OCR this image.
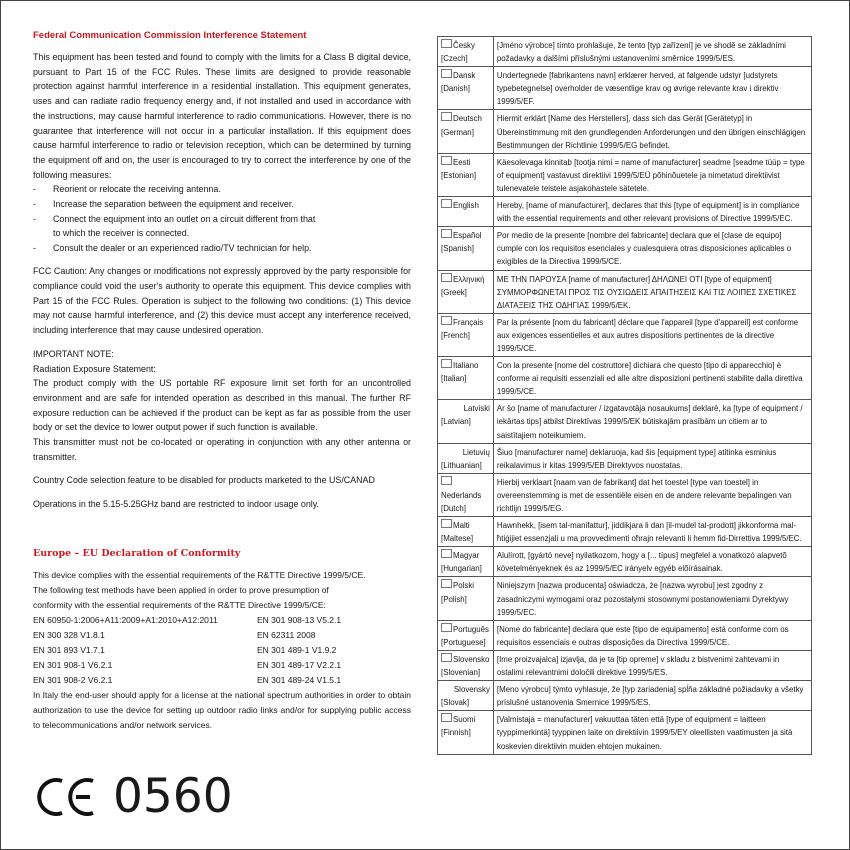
Federal Communication Commission Interference Statement

This equipment has been tested and found to comply with the limits for a Class B digital device, pursuant to Part 15 of the FCC Rules. These limits are designed to provide reasonable protection against harmful interference in a residential installation. This equipment generates, uses and can radiate radio frequency energy and, if not installed and used in accordance with the instructions, may cause harmful interference to radio communications. However, there is no guarantee that interference will not occur in a particular installation. If this equipment does cause harmful interference to radio or television reception, which can be determined by turning the equipment off and on, the user is encouraged to try to correct the interference by one of the following measures:

- Reorient or relocate the receiving antenna.
- Increase the separation between the equipment and receiver.
- Connect the equipment into an outlet on a circuit different from that
to which the receiver is connected.
- Consult the dealer or an experienced radio/TV technician for help.

FCC Caution: Any changes or modifications not expressly approved by the party responsible for compliance could void the user's authority to operate this equipment. This device complies with Part 15 of the FCC Rules. Operation is subject to the following two conditions: (1) This device may not cause harmful interference, and (2) this device must accept any interference received, including interference that may cause undesired operation.

IMPORTANT NOTE:

Radiation Exposure Statement:

The product comply with the US portable RF exposure limit set forth for an uncontrolled environment and are safe for intended operation as described in this manual. The further RF exposure reduction can be achieved if the product can be kept as far as possible from the user body or set the device to lower output power if such function is available.

This transmitter must not be co-located or operating in conjunction with any other antenna or transmitter.

Country Code selection feature to be disabled for products marketed to the US/CANAD

Operations in the 5.15-5.25GHz band are restricted to indoor usage only.

Europe – EU Declaration of Conformity

This device complies with the essential requirements of the R&TTE Directive 1999/5/CE.

The following test methods have been applied in order to prove presumption of

conformity with the essential requirements of the R&TTE Directive 1999/5/CE:

EN 60950-1:2006+A11:2009+A1:2010+A12:2011	EN 301 908-13 V5.2.1
EN 300 328 V1.8.1	EN 62311 2008
EN 301 893 V1.7.1	EN 301 489-1 V1.9.2
EN 301 908-1 V6.2.1	EN 301 489-17 V2.2.1
EN 301 908-2 V6.2.1	EN 301 489-24 V1.5.1

In Italy the end-user should apply for a license at the national spectrum authorities in order to obtain authorization to use the device for setting up outdoor radio links and/or for supplying public access to telecommunications and/or network services.

0560
Česky
[Czech]	[Jméno výrobce] tímto prohlašuje, že tento [typ zařízení] je ve shodě se základními požadavky a dalšími příslušnými ustanoveními směrnice 1999/5/ES.
Dansk
[Danish]	Undertegnede [fabrikantens navn] erklærer herved, at følgende udstyr [udstyrets typebetegnelse] overholder de væsentlige krav og øvrige relevante krav i direktiv 1999/5/EF.
Deutsch
[German]	Hiermit erklärt [Name des Herstellers], dass sich das Gerät [Gerätetyp] in Übereinstimmung mit den grundlegenden Anforderungen und den übrigen einschlägigen Bestimmungen der Richtlinie 1999/5/EG befindet.
Eesti
[Estonian]	Käesolevaga kinnitab [tootja nimi = name of manufacturer] seadme [seadme tüüp = type of equipment] vastavust direktiivi 1999/5/EÜ põhinõuetele ja nimetatud direktiivist tulenevatele teistele asjakohastele sätetele.
English	Hereby, [name of manufacturer], declares that this [type of equipment] is in compliance with the essential requirements and other relevant provisions of Directive 1999/5/EC.
Español
[Spanish]	Por medio de la presente [nombre del fabricante] declara que el [clase de equipo] cumple con los requisitos esenciales y cualesquiera otras disposiciones aplicables o exigibles de la Directiva 1999/5/CE.
Ελληνική
[Greek]	ΜΕ ΤΗΝ ΠΑΡΟΥΣΑ [name of manufacturer] ΔΗΛΩΝΕΙ ΟΤΙ [type of equipment] ΣΥΜΜΟΡΦΩΝΕΤΑΙ ΠΡΟΣ ΤΙΣ ΟΥΣΙΩΔΕΙΣ ΑΠΑΙΤΗΣΕΙΣ ΚΑΙ ΤΙΣ ΛΟΙΠΕΣ ΣΧΕΤΙΚΕΣ ΔΙΑΤΑΞΕΙΣ ΤΗΣ ΟΔΗΓΙΑΣ 1999/5/ΕΚ.
Français
[French]	Par la présente [nom du fabricant] déclare que l'appareil [type d'appareil] est conforme aux exigences essentielles et aux autres dispositions pertinentes de la directive 1999/5/CE.
Italiano
[Italian]	Con la presente [nome del costruttore] dichiara che questo [tipo di apparecchio] è conforme ai requisiti essenziali ed alle altre disposizioni pertinenti stabilite dalla direttiva 1999/5/CE.

Latviski
[Latvian]	Ar šo [name of manufacturer / izgatavotāja nosaukums] deklarē, ka [type of equipment / iekārtas tips] atbilst Direktīvas 1999/5/EK būtiskajām prasībām un citiem ar to saistītajiem noteikumiem.

Lietuvių
[Lithuanian]	Šiuo [manufacturer name] deklaruoja, kad šis [equipment type] atitinka esminius reikalavimus ir kitas 1999/5/EB Direktyvos nuostatas.

Nederlands
[Dutch]	Hierbij verklaart [naam van de fabrikant] dat het toestel [type van toestel] in overeenstemming is met de essentiële eisen en de andere relevante bepalingen van richtlijn 1999/5/EG.
Malti
[Maltese]	Hawnhekk, [isem tal-manifattur], jiddikjara li dan [il-mudel tal-prodott] jikkonforma mal-ħtiġijiet essenzjali u ma provvedimenti oħrajn relevanti li hemm fid-Dirrettiva 1999/5/EC.
Magyar
[Hungarian]	Alulírott, [gyártó neve] nyilatkozom, hogy a [... típus] megfelel a vonatkozó alapvetõ követelményeknek és az 1999/5/EC irányelv egyéb elõírásainak.
Polski
[Polish]	Niniejszym [nazwa producenta] oświadcza, że [nazwa wyrobu] jest zgodny z zasadniczymi wymogami oraz pozostałymi stosownymi postanowieniami Dyrektywy 1999/5/EC.
Português
[Portuguese]	[Nome do fabricante] declara que este [tipo de equipamento] está conforme com os requisitos essenciais e outras disposições da Directiva 1999/5/CE.
Slovensko
[Slovenian]	[Ime proizvajalca] izjavlja, da je ta [tip opreme] v skladu z bistvenimi zahtevami in ostalimi relevantnimi določili direktive 1999/5/ES.

Slovensky
[Slovak]	[Meno výrobcu] týmto vyhlasuje, že [typ zariadenia] spĺňa základné požiadavky a všetky príslušné ustanovenia Smernice 1999/5/ES.
Suomi
[Finnish]	[Valmistaja = manufacturer] vakuuttaa täten että [type of equipment = laitteen tyyppimerkintä] tyyppinen laite on direktiivin 1999/5/EY oleellisten vaatimusten ja sitä koskevien direktiivin muiden ehtojen mukainen.
